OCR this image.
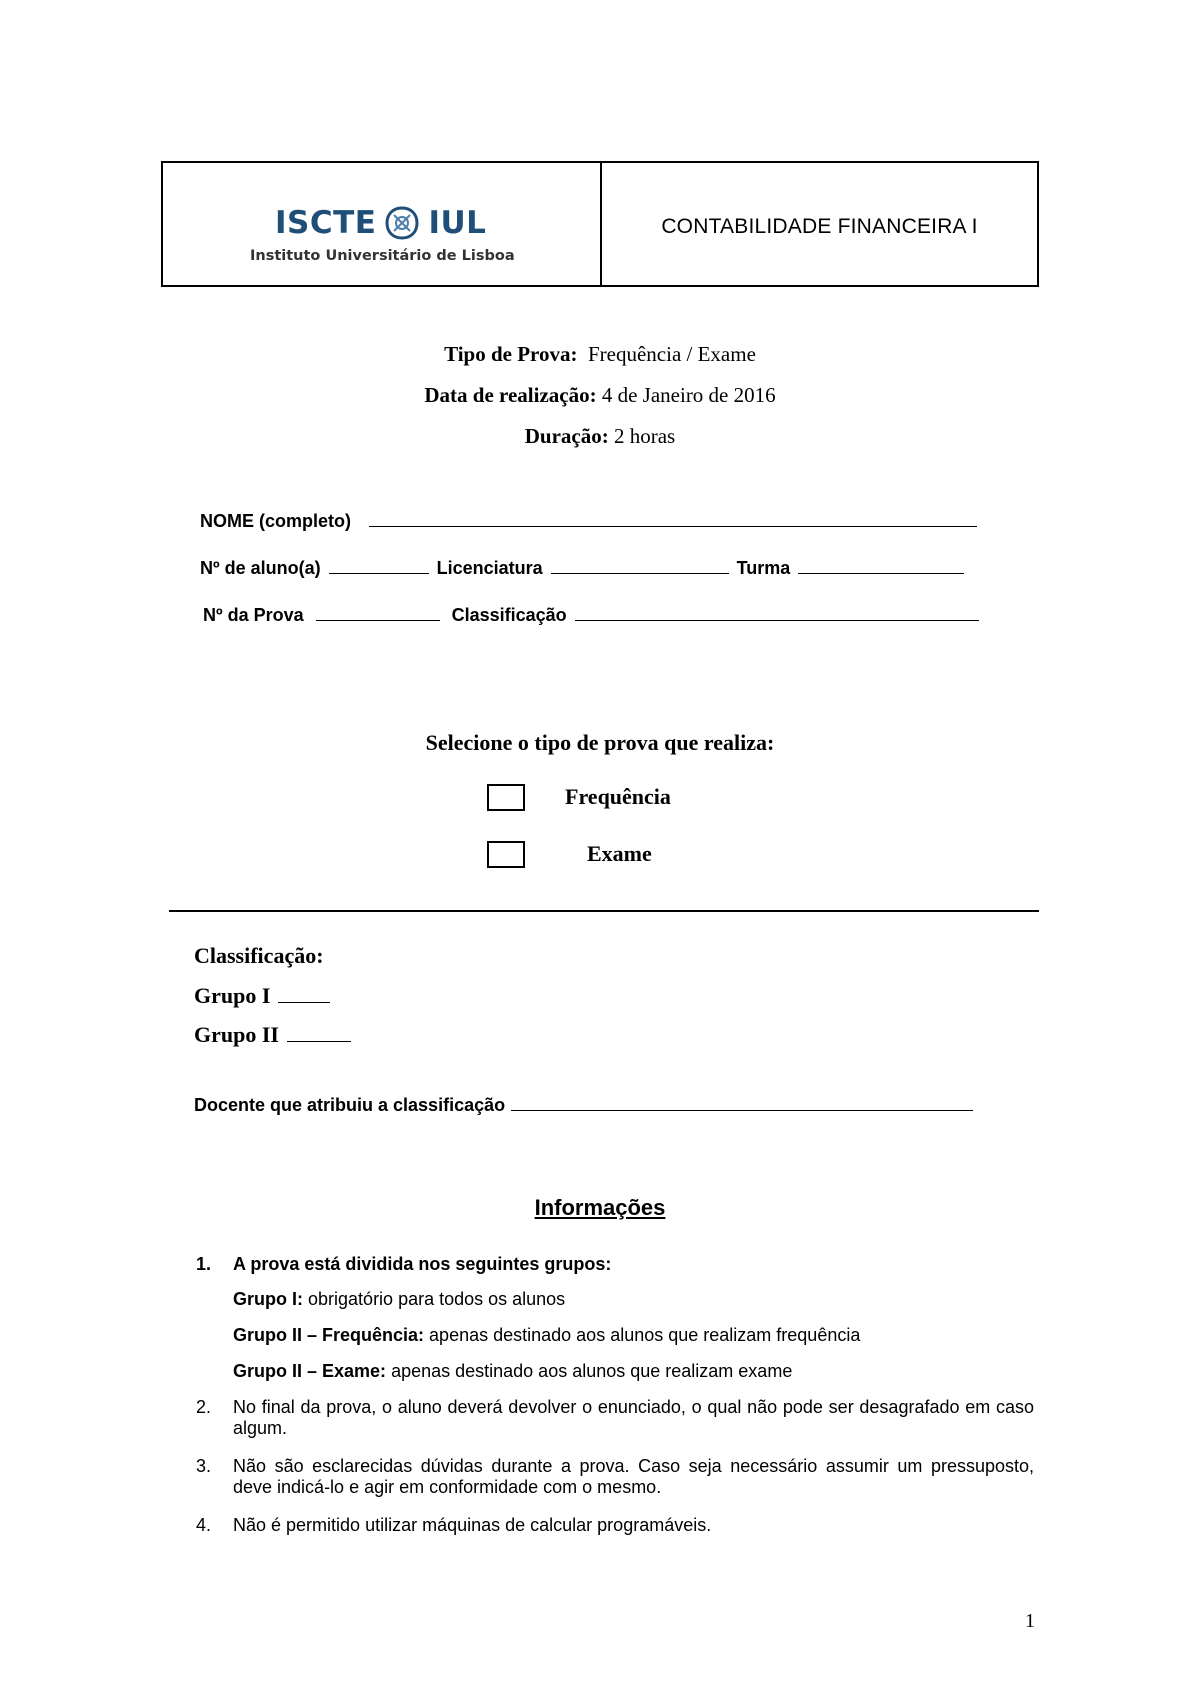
ISCTE IUL
Instituto Universitário de Lisboa
CONTABILIDADE FINANCEIRA I
Tipo de Prova: Frequência / Exame
Data de realização: 4 de Janeiro de 2016
Duração: 2 horas
NOME (completo)
Nº de aluno(a)	Licenciatura	Turma
Nº da Prova	Classificação
Selecione o tipo de prova que realiza:
Frequência
Exame
Classificação:
Grupo I
Grupo II
Docente que atribuiu a classificação
Informações
1. A prova está dividida nos seguintes grupos:
Grupo I: obrigatório para todos os alunos
Grupo II – Frequência: apenas destinado aos alunos que realizam frequência
Grupo II – Exame: apenas destinado aos alunos que realizam exame
2. No final da prova, o aluno deverá devolver o enunciado, o qual não pode ser desagrafado em caso algum.
3. Não são esclarecidas dúvidas durante a prova. Caso seja necessário assumir um pressuposto, deve indicá-lo e agir em conformidade com o mesmo.
4. Não é permitido utilizar máquinas de calcular programáveis.
1
